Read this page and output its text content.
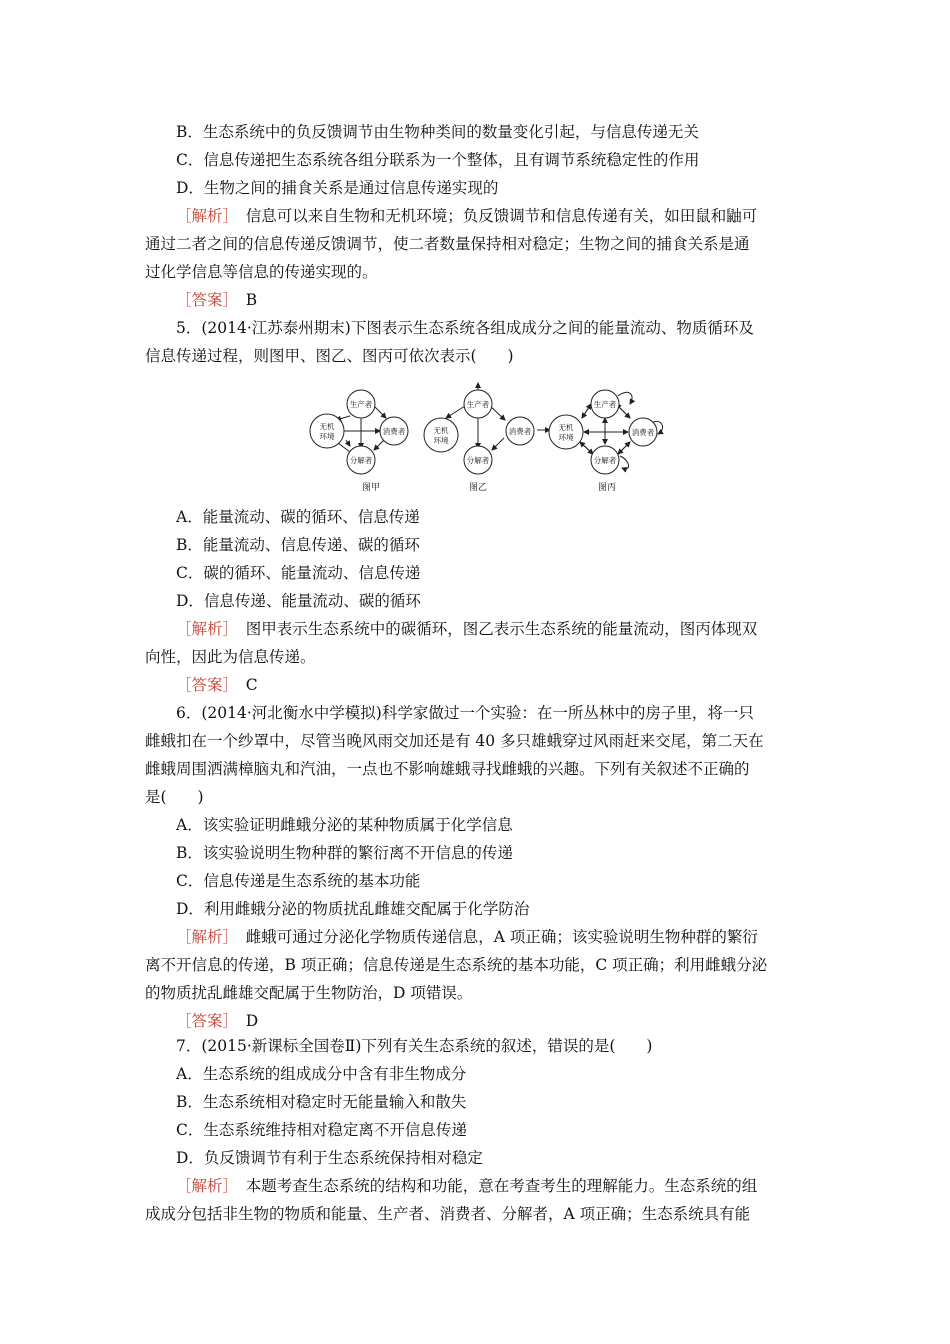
B．生态系统中的负反馈调节由生物种类间的数量变化引起，与信息传递无关
C．信息传递把生态系统各组分联系为一个整体，且有调节系统稳定性的作用
D．生物之间的捕食关系是通过信息传递实现的
［解析］　 信息可以来自生物和无机环境；负反馈调节和信息传递有关，如田鼠和鼬可
通过二者之间的信息传递反馈调节，使二者数量保持相对稳定；生物之间的捕食关系是通
过化学信息等信息的传递实现的。
［答案］　 B
5．(2014·江苏泰州期末)下图表示生态系统各组成成分之间的能量流动、物质循环及
信息传递过程，则图甲、图乙、图丙可依次表示(　　)
生产者
无机
环境
消费者
分解者
生产者
无机
环境
消费者
分解者
生产者
无机
环境
消费者
分解者
图甲	图乙	图丙
A．能量流动、碳的循环、信息传递
B．能量流动、信息传递、碳的循环
C．碳的循环、能量流动、信息传递
D．信息传递、能量流动、碳的循环
［解析］　 图甲表示生态系统中的碳循环，图乙表示生态系统的能量流动，图丙体现双
向性，因此为信息传递。
［答案］　 C
6．(2014·河北衡水中学模拟)科学家做过一个实验：在一所丛林中的房子里，将一只
雌蛾扣在一个纱罩中，尽管当晚风雨交加还是有 40 多只雄蛾穿过风雨赶来交尾，第二天在
雌蛾周围洒满樟脑丸和汽油，一点也不影响雄蛾寻找雌蛾的兴趣。下列有关叙述不正确的
是(　　)
A．该实验证明雌蛾分泌的某种物质属于化学信息
B．该实验说明生物种群的繁衍离不开信息的传递
C．信息传递是生态系统的基本功能
D．利用雌蛾分泌的物质扰乱雌雄交配属于化学防治
［解析］　 雌蛾可通过分泌化学物质传递信息，A 项正确；该实验说明生物种群的繁衍
离不开信息的传递，B 项正确；信息传递是生态系统的基本功能，C 项正确；利用雌蛾分泌
的物质扰乱雌雄交配属于生物防治，D 项错误。
［答案］　 D
7．(2015·新课标全国卷Ⅱ)下列有关生态系统的叙述，错误的是(　　)
A．生态系统的组成成分中含有非生物成分
B．生态系统相对稳定时无能量输入和散失
C．生态系统维持相对稳定离不开信息传递
D．负反馈调节有利于生态系统保持相对稳定
［解析］　 本题考查生态系统的结构和功能，意在考查考生的理解能力。生态系统的组
成成分包括非生物的物质和能量、生产者、消费者、分解者，A 项正确；生态系统具有能
